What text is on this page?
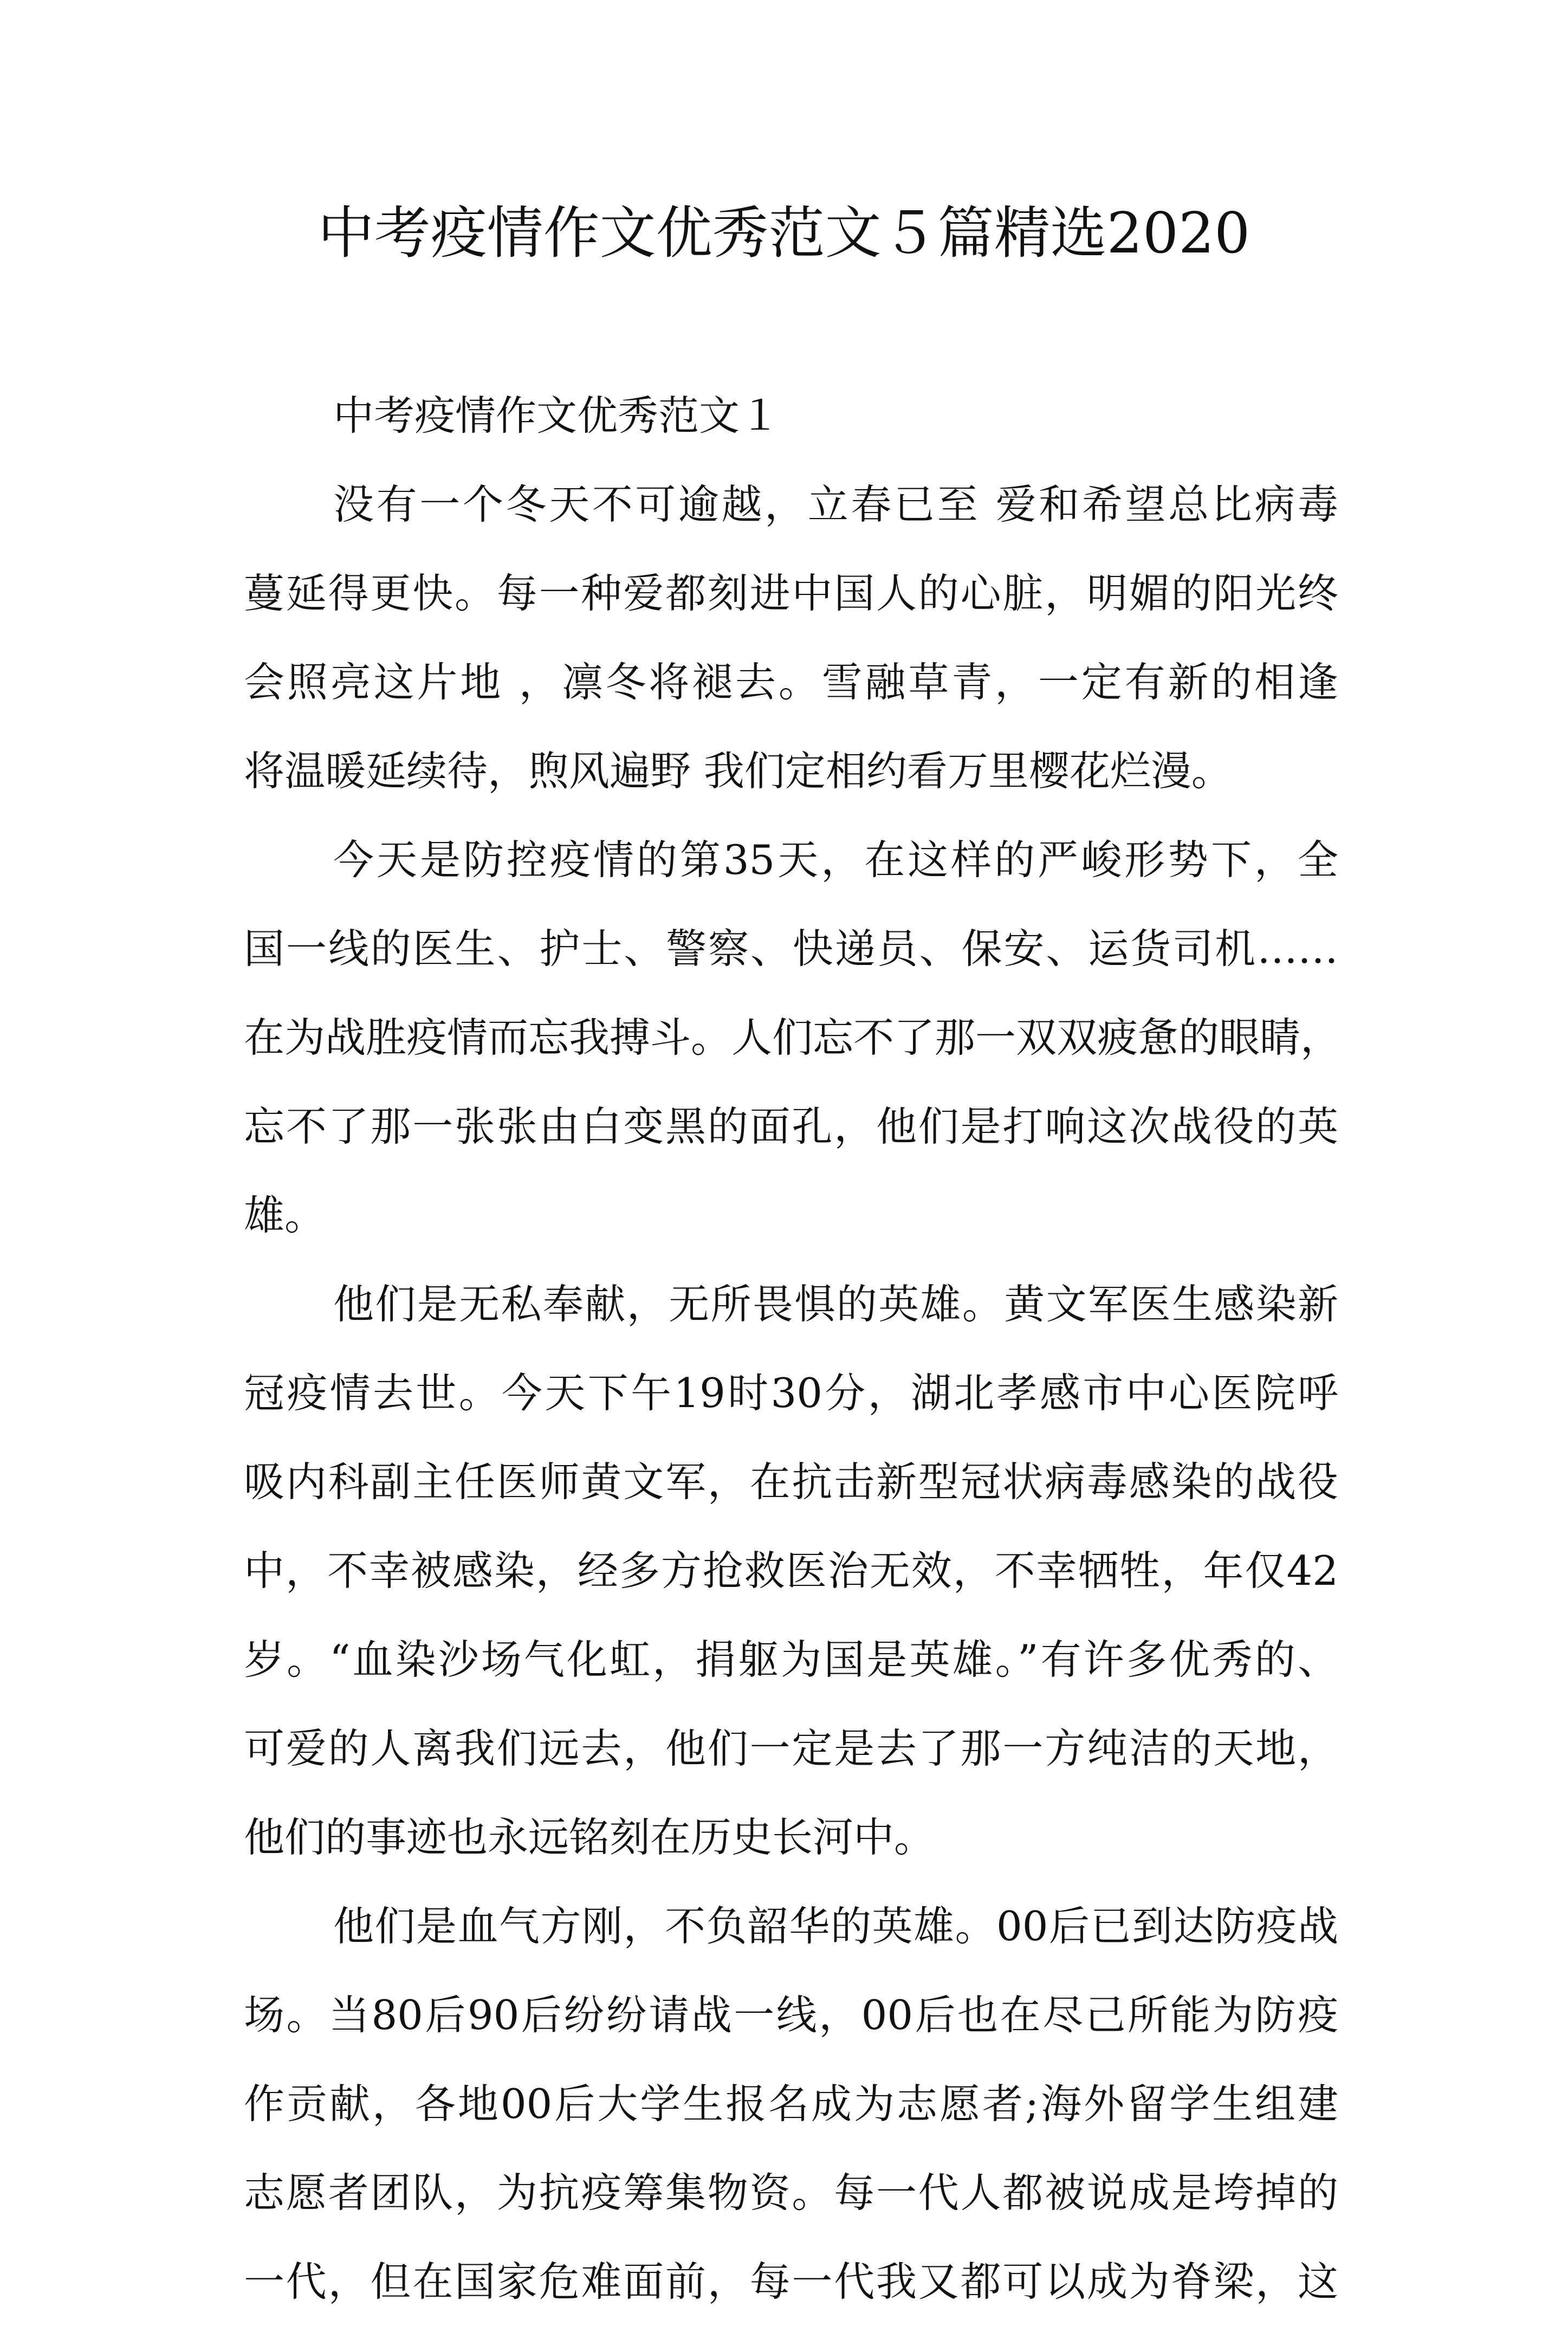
中考疫情作文优秀范文５篇精选2020
中考疫情作文优秀范文１
没有一个冬天不可逾越，立春已至 爱和希望总比病毒
蔓延得更快。每一种爱都刻进中国人的心脏，明媚的阳光终
会照亮这片地 ，凛冬将褪去。雪融草青，一定有新的相逢
将温暖延续待，煦风遍野 我们定相约看万里樱花烂漫。
今天是防控疫情的第35天，在这样的严峻形势下，全
国一线的医生、护士、警察、快递员、保安、运货司机……
在为战胜疫情而忘我搏斗。人们忘不了那一双双疲惫的眼睛，
忘不了那一张张由白变黑的面孔，他们是打响这次战役的英
雄。
他们是无私奉献，无所畏惧的英雄。黄文军医生感染新
冠疫情去世。今天下午19时30分，湖北孝感市中心医院呼
吸内科副主任医师黄文军，在抗击新型冠状病毒感染的战役
中，不幸被感染，经多方抢救医治无效，不幸牺牲，年仅42
岁。“血染沙场气化虹，捐躯为国是英雄。”有许多优秀的、
可爱的人离我们远去，他们一定是去了那一方纯洁的天地，
他们的事迹也永远铭刻在历史长河中。
他们是血气方刚，不负韶华的英雄。00后已到达防疫战
场。当80后90后纷纷请战一线，00后也在尽己所能为防疫
作贡献，各地00后大学生报名成为志愿者;海外留学生组建
志愿者团队，为抗疫筹集物资。每一代人都被说成是垮掉的
一代，但在国家危难面前，每一代我又都可以成为脊梁，这
